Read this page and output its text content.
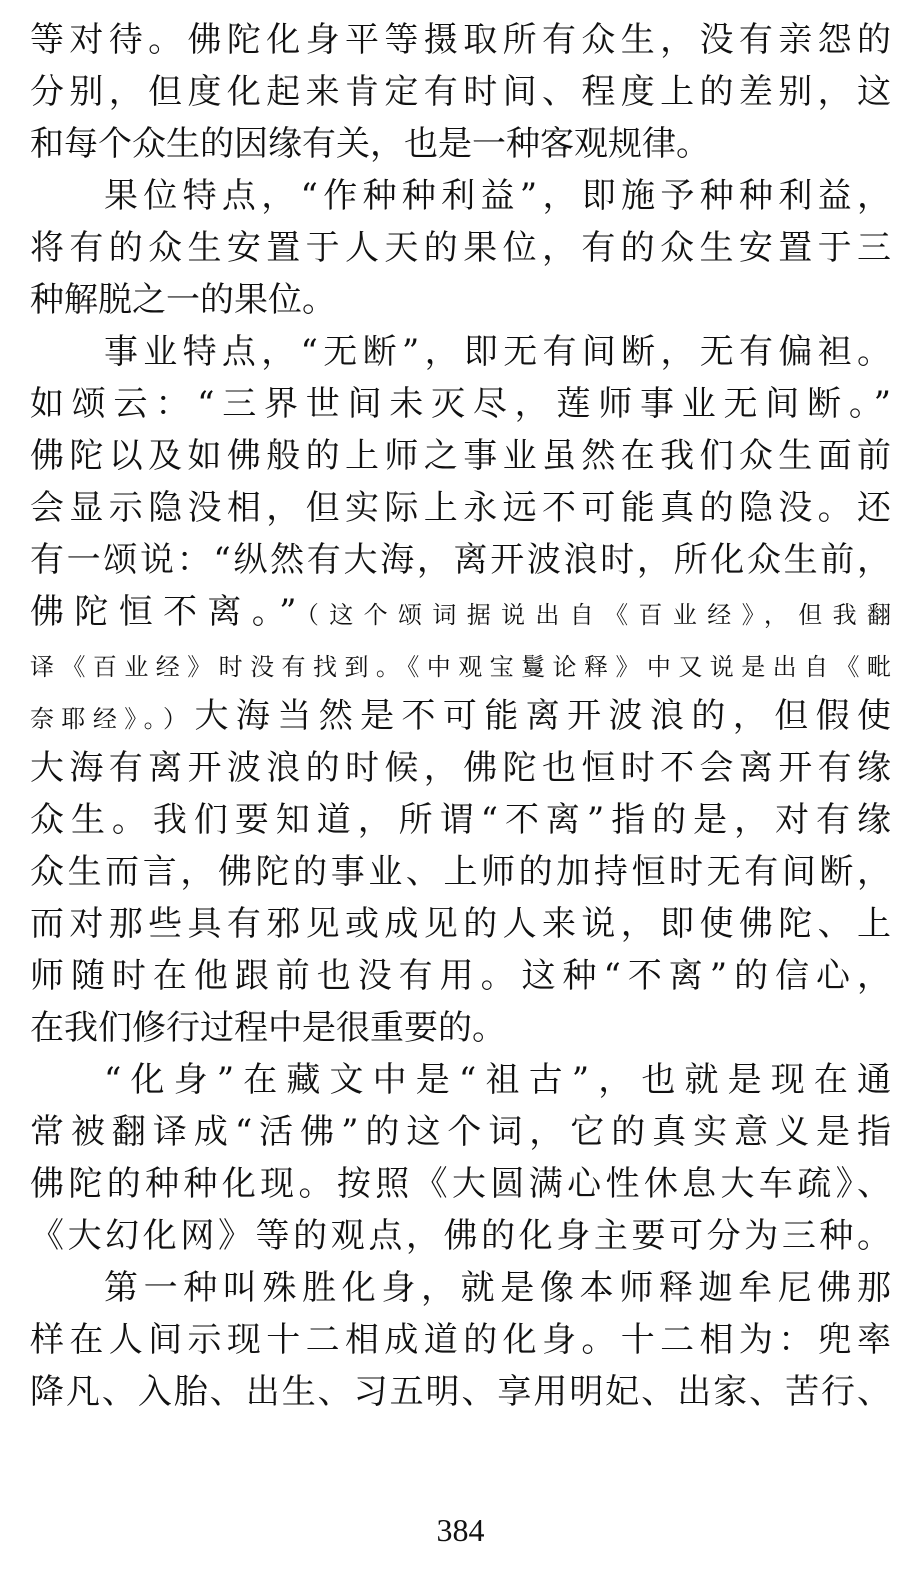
等对待。佛陀化身平等摄取所有众生，没有亲怨的
分别，但度化起来肯定有时间、程度上的差别，这
和每个众生的因缘有关，也是一种客观规律。
果位特点，“作种种利益”，即施予种种利益，
将有的众生安置于人天的果位，有的众生安置于三
种解脱之一的果位。
事业特点，“无断”，即无有间断，无有偏袒。
如颂云：“三界世间未灭尽，莲师事业无间断。”
佛陀以及如佛般的上师之事业虽然在我们众生面前
会显示隐没相，但实际上永远不可能真的隐没。还
有一颂说：“纵然有大海，离开波浪时，所化众生前，
佛陀恒不离。”（这个颂词据说出自《百业经》，但我翻
译《百业经》时没有找到。《中观宝鬘论释》中又说是出自《毗
奈耶经》。）大海当然是不可能离开波浪的，但假使
大海有离开波浪的时候，佛陀也恒时不会离开有缘
众生。我们要知道，所谓“不离”指的是，对有缘
众生而言，佛陀的事业、上师的加持恒时无有间断，
而对那些具有邪见或成见的人来说，即使佛陀、上
师随时在他跟前也没有用。这种“不离”的信心，
在我们修行过程中是很重要的。
“化身”在藏文中是“祖古”，也就是现在通
常被翻译成“活佛”的这个词，它的真实意义是指
佛陀的种种化现。按照《大圆满心性休息大车疏》、
《大幻化网》等的观点，佛的化身主要可分为三种。
第一种叫殊胜化身，就是像本师释迦牟尼佛那
样在人间示现十二相成道的化身。十二相为：兜率
降凡、入胎、出生、习五明、享用明妃、出家、苦行、
384
